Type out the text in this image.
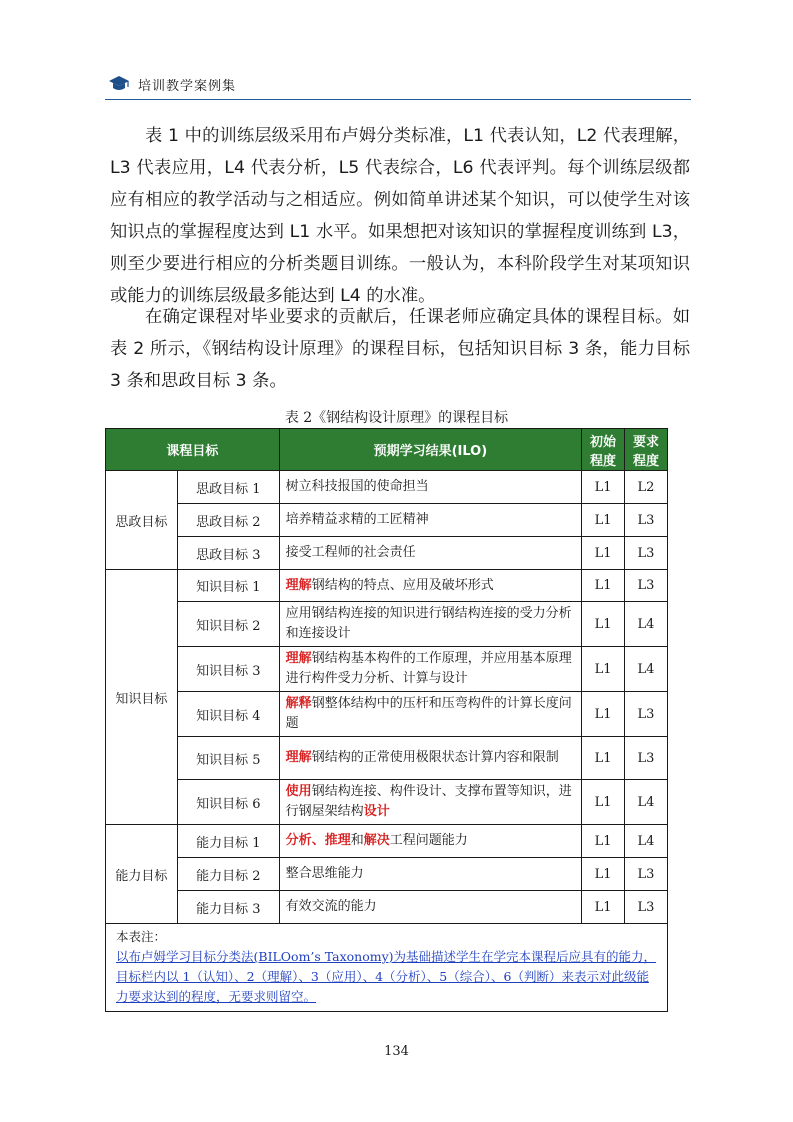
培训教学案例集

表 1 中的训练层级采用布卢姆分类标准，L1 代表认知，L2 代表理解，L3 代表应用，L4 代表分析，L5 代表综合，L6 代表评判。每个训练层级都应有相应的教学活动与之相适应。例如简单讲述某个知识，可以使学生对该知识点的掌握程度达到 L1 水平。如果想把对该知识的掌握程度训练到 L3，则至少要进行相应的分析类题目训练。一般认为，本科阶段学生对某项知识或能力的训练层级最多能达到 L4 的水准。

在确定课程对毕业要求的贡献后，任课老师应确定具体的课程目标。如表 2 所示，《钢结构设计原理》的课程目标，包括知识目标 3 条，能力目标 3 条和思政目标 3 条。

表 2《钢结构设计原理》的课程目标
课程目标		预期学习结果(ILO)	初始程度	要求程度
思政目标	思政目标 1	树立科技报国的使命担当	L1	L2
	思政目标 2	培养精益求精的工匠精神	L1	L3
	思政目标 3	接受工程师的社会责任	L1	L3
知识目标	知识目标 1	理解钢结构的特点、应用及破坏形式	L1	L3
	知识目标 2	应用钢结构连接的知识进行钢结构连接的受力分析和连接设计	L1	L4
	知识目标 3	理解钢结构基本构件的工作原理，并应用基本原理进行构件受力分析、计算与设计	L1	L4
	知识目标 4	解释钢整体结构中的压杆和压弯构件的计算长度问题	L1	L3
	知识目标 5	理解钢结构的正常使用极限状态计算内容和限制	L1	L3
	知识目标 6	使用钢结构连接、构件设计、支撑布置等知识，进行钢屋架结构设计	L1	L4
能力目标	能力目标 1	分析、推理和解决工程问题能力	L1	L4
	能力目标 2	整合思维能力	L1	L3
	能力目标 3	有效交流的能力	L1	L3

本表注：
以布卢姆学习目标分类法(BILOom’s Taxonomy)为基础描述学生在学完本课程后应具有的能力，目标栏内以 1（认知）、2（理解）、3（应用）、4（分析）、5（综合）、6（判断）来表示对此级能力要求达到的程度，无要求则留空。				
134
